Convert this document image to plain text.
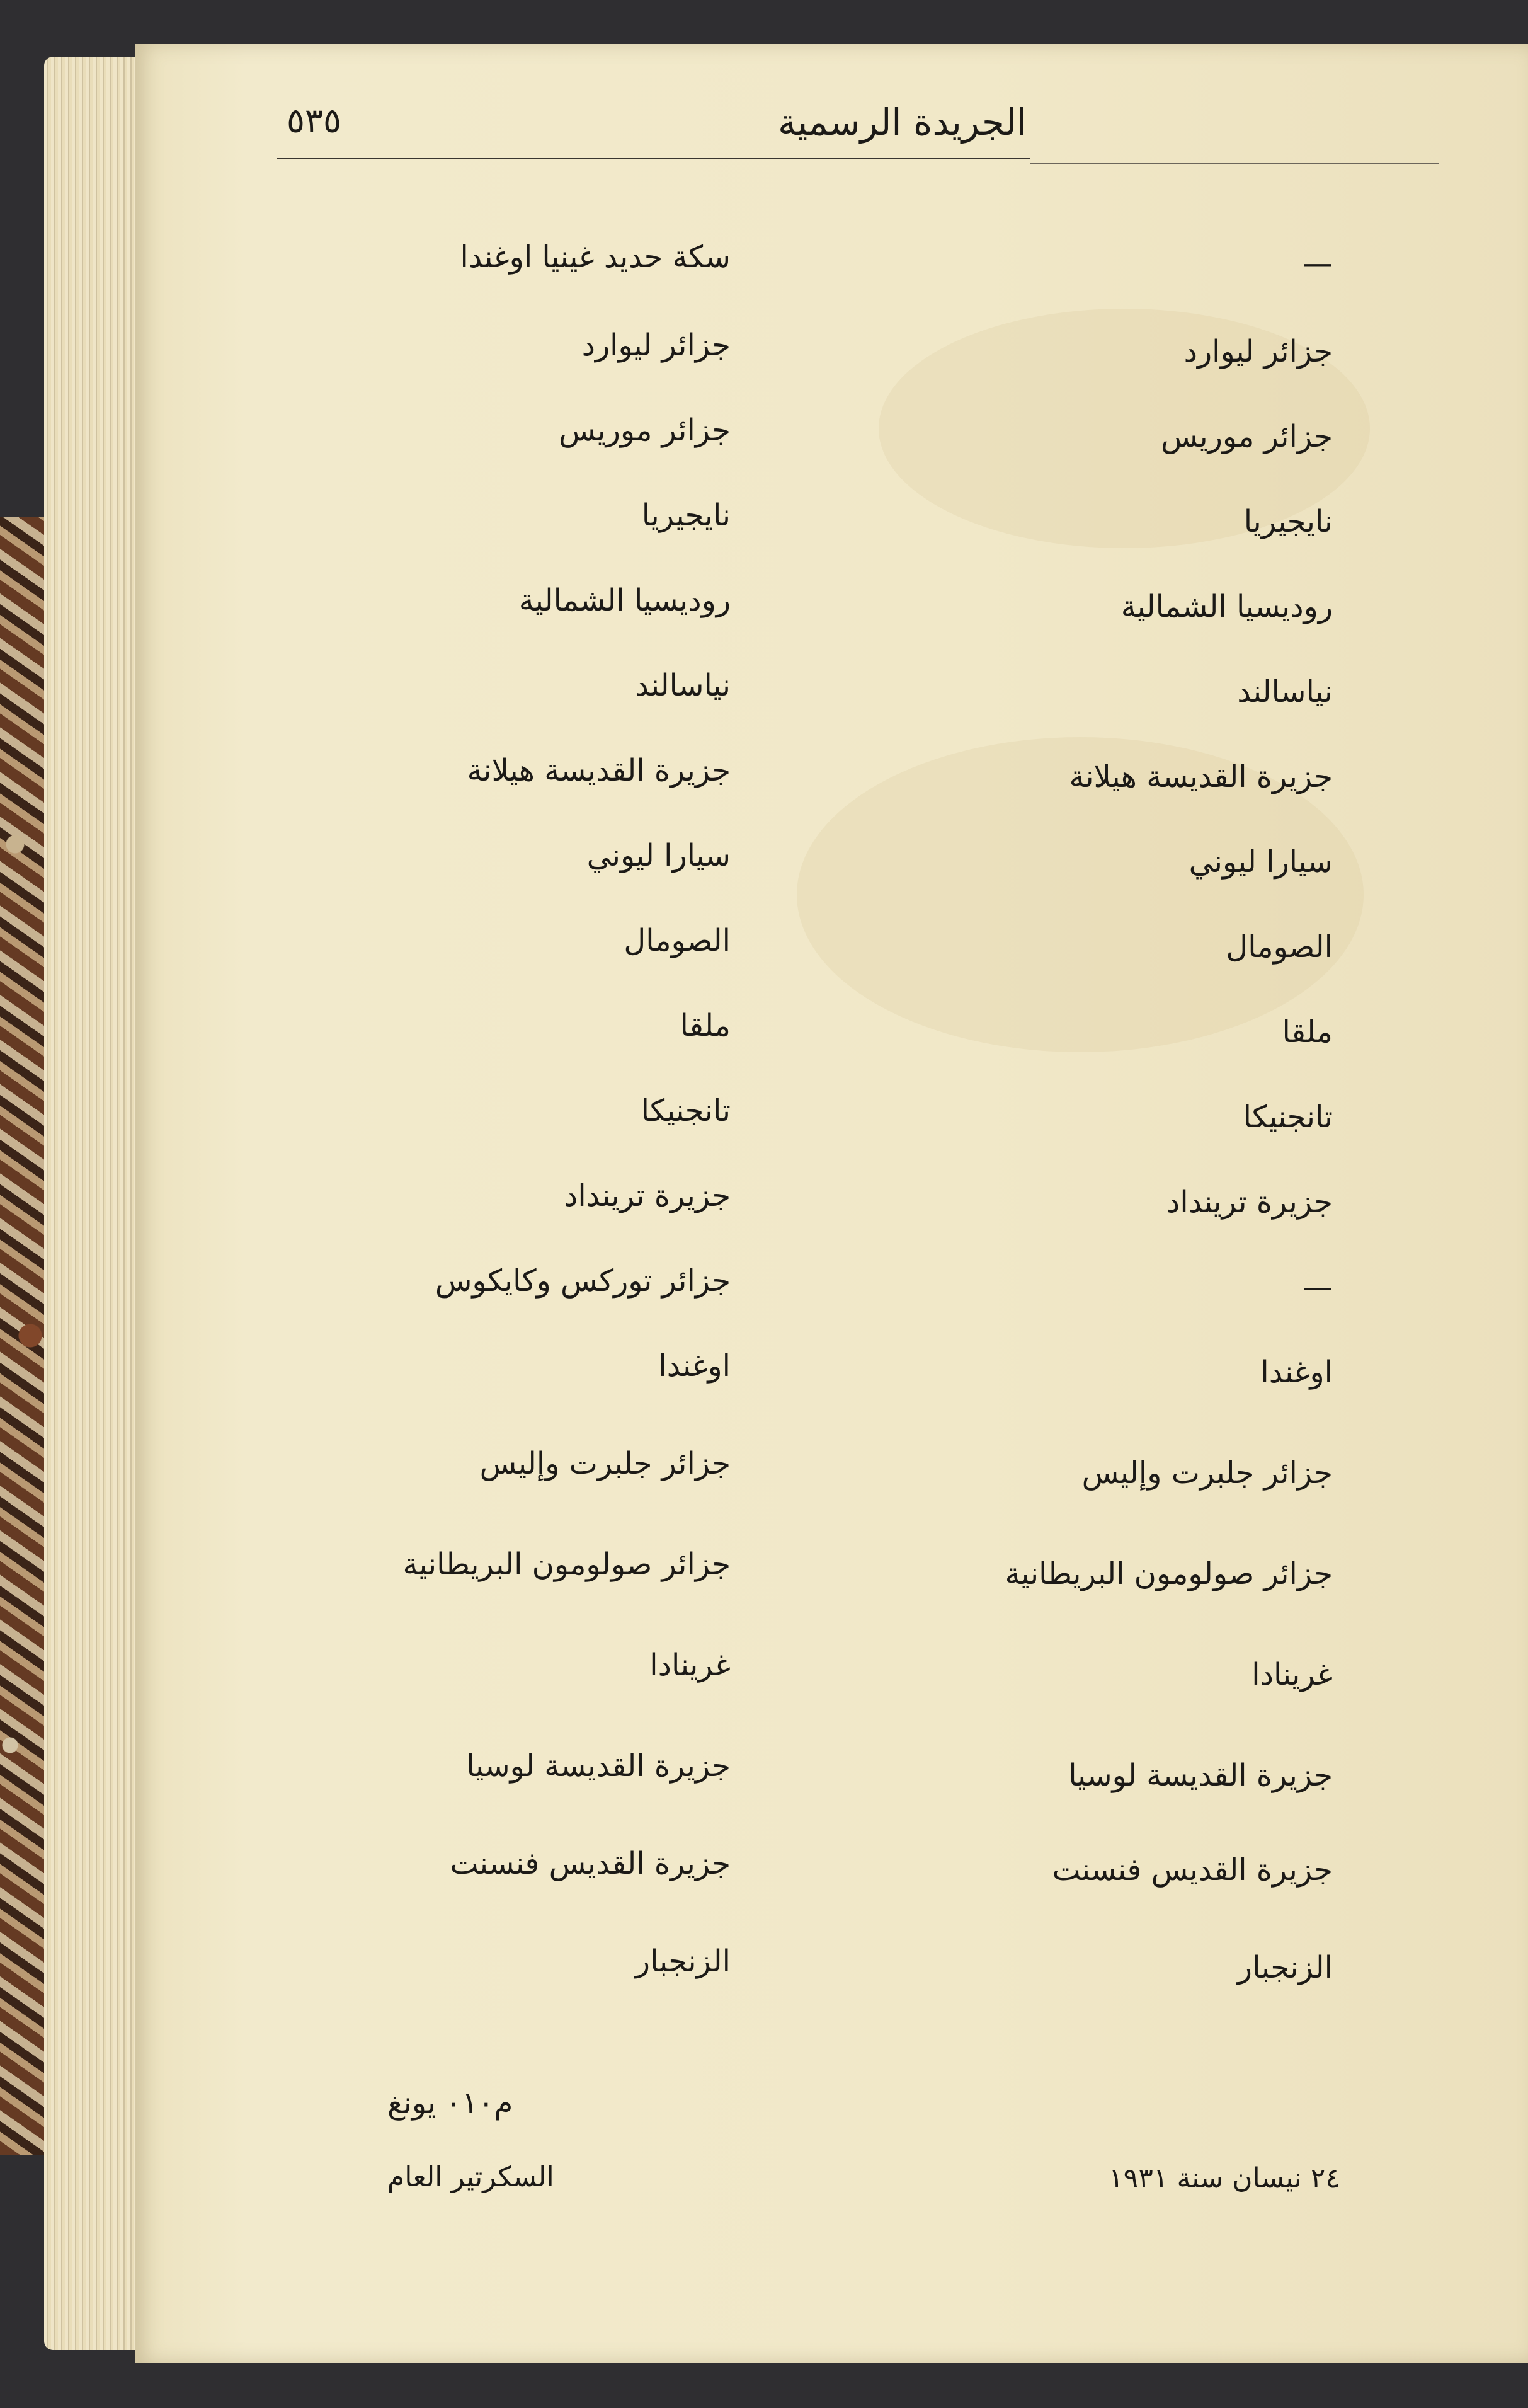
٥٣٥	الجريدة الرسمية
—
جزائر ليوارد
جزائر موريس
نايجيريا
روديسيا الشمالية
نياسالند
جزيرة القديسة هيلانة
سيارا ليوني
الصومال
ملقا
تانجنيكا
جزيرة ترينداد
—
اوغندا
جزائر جلبرت وإليس
جزائر صولومون البريطانية
غرينادا
جزيرة القديسة لوسيا
جزيرة القديس فنسنت
الزنجبار
سكة حديد غينيا اوغندا
جزائر ليوارد
جزائر موريس
نايجيريا
روديسيا الشمالية
نياسالند
جزيرة القديسة هيلانة
سيارا ليوني
الصومال
ملقا
تانجنيكا
جزيرة ترينداد
جزائر توركس وكايكوس
اوغندا
جزائر جلبرت وإليس
جزائر صولومون البريطانية
غرينادا
جزيرة القديسة لوسيا
جزيرة القديس فنسنت
الزنجبار
م٠١٠ يونغ
السكرتير العام	٢٤ نيسان سنة ١٩٣١
